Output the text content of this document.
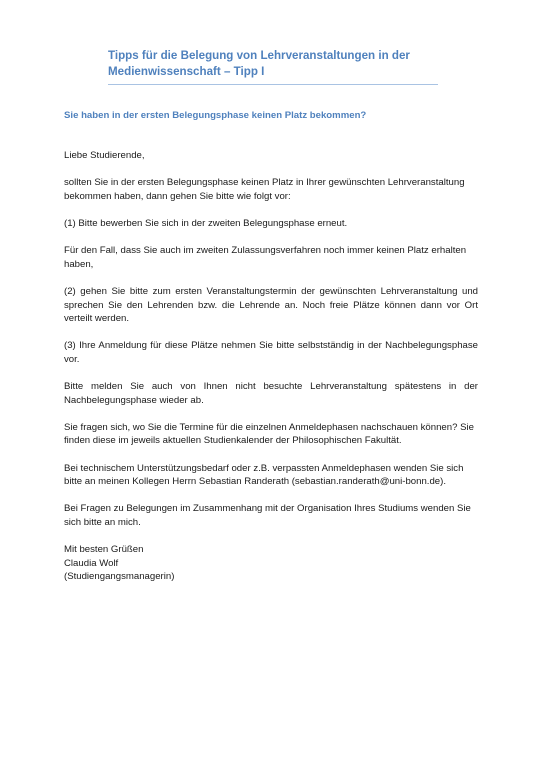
Tipps für die Belegung von Lehrveranstaltungen in der

Medienwissenschaft – Tipp I

Sie haben in der ersten Belegungsphase keinen Platz bekommen?

Liebe Studierende,

sollten Sie in der ersten Belegungsphase keinen Platz in Ihrer gewünschten Lehrveranstaltung bekommen haben, dann gehen Sie bitte wie folgt vor:

(1) Bitte bewerben Sie sich in der zweiten Belegungsphase erneut.

Für den Fall, dass Sie auch im zweiten Zulassungsverfahren noch immer keinen Platz erhalten haben,

(2) gehen Sie bitte zum ersten Veranstaltungstermin der gewünschten Lehrveranstaltung und sprechen Sie den Lehrenden bzw. die Lehrende an. Noch freie Plätze können dann vor Ort verteilt werden.

(3) Ihre Anmeldung für diese Plätze nehmen Sie bitte selbstständig in der Nachbelegungsphase vor.

Bitte melden Sie auch von Ihnen nicht besuchte Lehrveranstaltung spätestens in der Nachbelegungsphase wieder ab.

Sie fragen sich, wo Sie die Termine für die einzelnen Anmeldephasen nachschauen können? Sie finden diese im jeweils aktuellen Studienkalender der Philosophischen Fakultät.

Bei technischem Unterstützungsbedarf oder z.B. verpassten Anmeldephasen wenden Sie sich bitte an meinen Kollegen Herrn Sebastian Randerath (sebastian.randerath@uni-bonn.de).

Bei Fragen zu Belegungen im Zusammenhang mit der Organisation Ihres Studiums wenden Sie sich bitte an mich.

Mit besten Grüßen

Claudia Wolf

(Studiengangsmanagerin)
